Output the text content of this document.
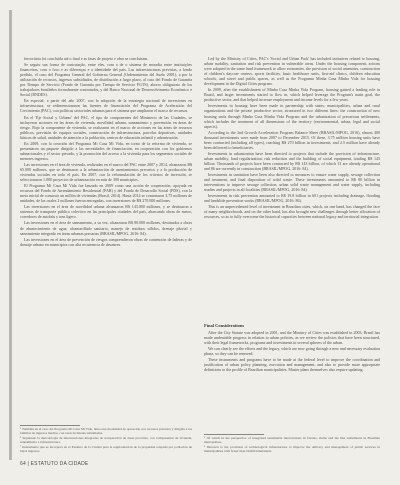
ferroviária foi concluída até o final e as fases de projeto e obra se concluíram.

Se seguiu sua forma de contratação, entre eles, com o de o sistema de moradia entre instituições financeiras, com o foco e as diferenças e a identidade del país. Las infraestructuras previstas, a fondo perdido, el caso del Programa General del Gobierno General (Ordenamiento del Suelo 2001), a por la utilización de recursos, ingresos subsidiados, de distribución a largo plazo, al caso del Fondo de Garantía por Tiempo de Servicio (Fondo de Garantía por Tiempo de Servicio FGTS), ahorro obligatorio de los trabajadores brasileños formalmente contratados, y del Banco Nacional de Desenvolvimento Econômico e Social (BNDES).

En especial, a partir del año 2007, con la adopción de la estrategia nacional de inversiones en infraestructura, se redimensionaron las fuentes de financiación del Programa de Aceleración del Crecimiento (PAC), con políticas sectoriales urbanas para el sistema que ampliaron el marco de recursos.

En el 'Eje Social y Urbano' del PAC, el tipo de componentes del Ministerio de las Ciudades, se incluyeron acciones en las áreas de vivienda, movilidad urbana, saneamiento y prevención en áreas de riesgo. Bajo la componente de vivienda, se realizaron en el marco de acciones en las áreas de recursos públicos, previsión de equipos sociales, construcción de infraestructura, parcelas deportivas, unidades básicas de salud, unidades de atención a la población, centros de educación infantil y urbanización.

En 2009, con la creación del Programa Mi Casa Mi Vida, en torno de la reforma de vivienda, se presentaron un paquete dirigido a las necesidades de financiación, en cooperación con los gobiernos subnacionales y el sector privado, y la promoción del acceso a la vivienda para los segmentos sociales de menores ingresos.

Las inversiones en el área de vivienda, realizadas en el marco del PAC entre 2007 y 2014, alcanzaron R$ 65.000 millones, que se destinaron a la urbanización de asentamientos precarios y a la producción de viviendas sociales en todo el país. En 2007, con la reformulación de los criterios de inversión, se seleccionaron 1.000 proyectos de urbanización en más de 300 municipios.

El Programa Mi Casa Mi Vida fue lanzado en 2009 como una acción de cooperación, apoyada en recursos del Fondo de Arrendamiento Residencial (FAR) y del Fondo de Desarrollo Social (FDS), con la meta inicial de construir un millón de viviendas (Brasil, 2014). Hasta 2014 se contrataron 3,75 millones de unidades, de las cuales 2 millones fueron entregadas, con inversiones de R$ 270.000 millones.

Las inversiones en el área de movilidad urbana alcanzaron R$ 143.000 millones, y se destinaron a sistemas de transporte público colectivo en las principales ciudades del país, abarcando obras de metro, corredores de autobús y tren ligero.

Las inversiones en el área de saneamiento, a su vez, alcanzaron R$ 80.000 millones, destinados a obras de abastecimiento de agua, alcantarillado sanitario, manejo de residuos sólidos, drenaje pluvial y saneamiento integrado en áreas urbanas precarias (BRASIL/MPOG, 2016: 84).

Las inversiones en el área de prevención de riesgos comprendieron obras de contención de laderas y de drenaje urbano en municipios con alta recurrencia de desastres.

Led by the Ministry of Cities, PAC's 'Social and Urban Pack' has included initiatives related to housing, urban mobility, sanitation and risk prevention in vulnerable areas. Under the housing component, actions were adopted in the same fund framework to allow economies, the provision of social amenities, construction of children's daycare centers, sports facilities, basic healthcare units, first-aid clinics, children education schools, and street and public spaces, as well as the Programa Minha Casa Minha Vida for housing development in the Digital Cities program.

In 2009, after the establishment of Minha Casa Minha Vida Program, housing gained a leading role in Brazil, and larger investments started to flow in, which helped leverage the Program's main goal, the productive sector, and that helped increase employment and income levels for a few years.

Investments in housing have been made in partnership with states, municipalities, urban and rural organizations and the private productive sector, structured in two different lines: the construction of new housing units through Minha Casa Minha Vida Program and the urbanization of precarious settlements, which includes the treatment of all dimensions of the territory (environmental, urban, legal and social aspects).

According to the 2nd Growth Acceleration Program Balance Sheet (BRASIL/MPOG, 2016), almost 400 thousand investments were made from 2007 to December 2015. Of these, 3.75 million housing units have been contracted (including all types), reaching R$ 270 billion in investments, and 2.5 million have already been delivered to beneficiaries.

Investments in urbanization have been directed to projects that include the provision of infrastructure, urban mobility, land regularization, risk reduction and the building of social equipment, totaling R$ 143 billion. Thousands of projects have been contracted by R$ 143 billion, of which 13 are already operational and 86 are currently in construction (BRASIL/MPOG, 2016: 84).

Investments in sanitation have been also directed to measures to ensure water supply, sewage collection and treatment, and final disposition of solid waste. These investments amounted to R$ 80 billion in interventions to improve sewage collection, urban solid waste management and water supply, including studies and projects in all localities (BRASIL/MPOG, 2016: 84).

Investments in risk prevention amounted to R$ 19.8 billion in 601 projects including drainage, flooding and landslide prevention works (BRASIL/MPOG, 2016: 86).

This is an unprecedented level of investment in Brazilian cities, which, on one hand, has changed the face of many neighborhoods, and on the other hand, has also brought new challenges through better allocation of resources, so as to fully overcome the historical capacities between national legacy and territorial integration.

Final Considerations

After the City Statute was adopted in 2001, and the Ministry of Cities was established in 2003, Brazil has made undeniable progress in relation to urban policies, as we review the policies that have been structured, with their legal frameworks, programs and investments in several spheres of the urban.

We can clearly see the efforts and the legacy, which are now going through a new and necessary evaluation phase, so they can be renewed.

These instruments and programs have to be made at the federal level to improve the coordination and justification of urban policy planning, execution and management, and also to provide more appropriate definitions to the profile of Brazilian municipalities. Master plans themselves also require updating.

⁵ También en el caso del Programa Mi Casa Mi Vida, hubo una modalidad de operación con recursos privados y dirigida a las familias de ingresos medios, con tasas de interés subsidiadas.

⁶ Siguiendo la metodología de intervenciones integradas de recuperación de áreas precarias, con componentes de vivienda, saneamiento e infraestructura.

⁷ Instrumento que se incorpora en el Estatuto de la Ciudad para la regularización de la propiedad ocupada por población de bajos ingresos.

⁵ Of which in the perspective of integrated sustainable interventions in favelas, slums and the like settlements in Brazilian metropolises.

⁶ Directed to the provision of technological infrastructure to improve the delivery and management of public services in municipalities with fewer than 50,000 inhabitants.

64 | ESTATUTO DA CIDADE
